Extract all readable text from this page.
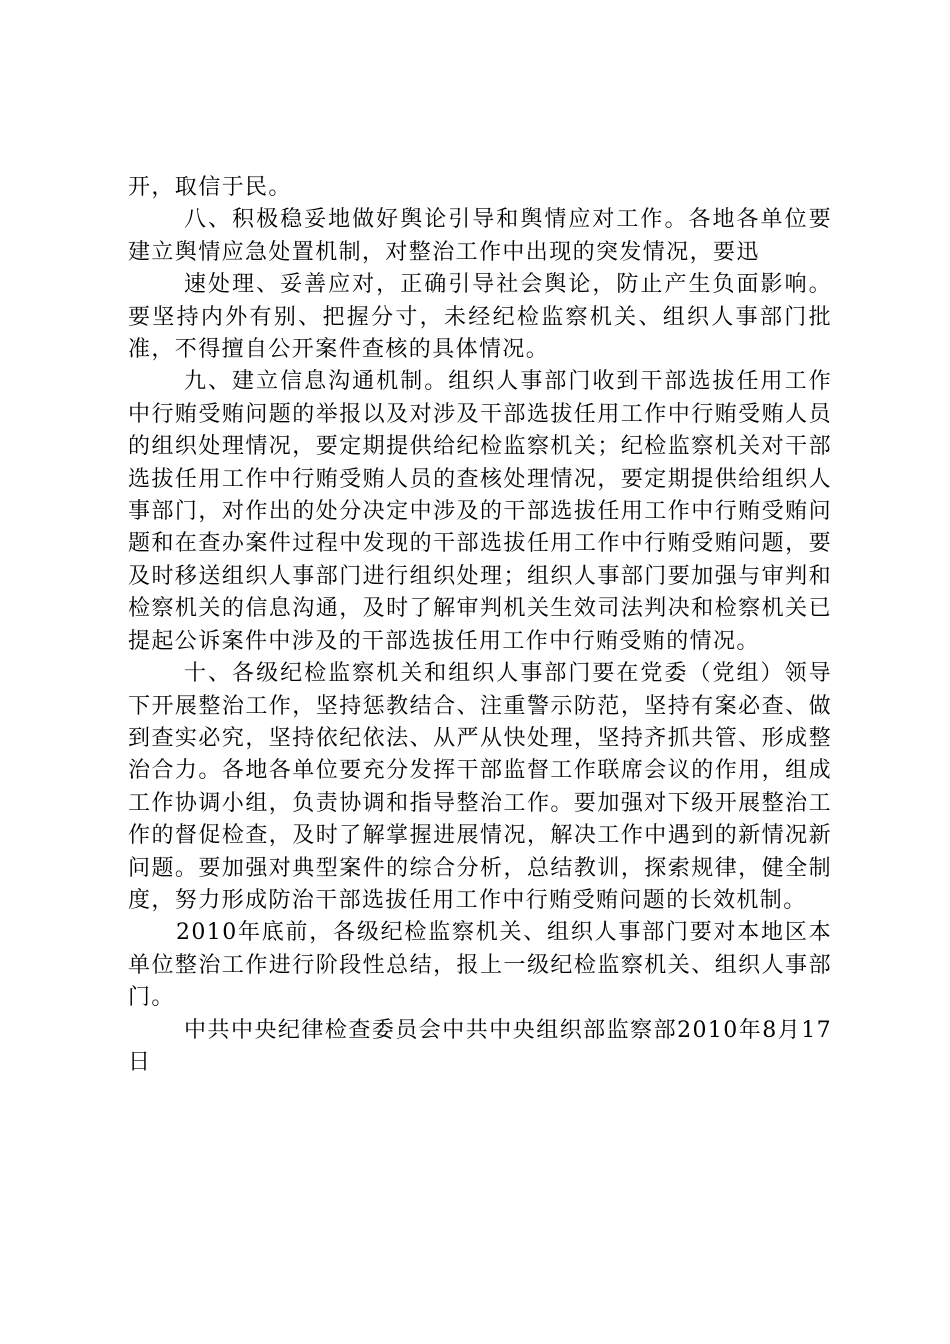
开，取信于民。

八、积极稳妥地做好舆论引导和舆情应对工作。各地各单位要建立舆情应急处置机制，对整治工作中出现的突发情况，要迅

速处理、妥善应对，正确引导社会舆论，防止产生负面影响。要坚持内外有别、把握分寸，未经纪检监察机关、组织人事部门批准，不得擅自公开案件查核的具体情况。

九、建立信息沟通机制。组织人事部门收到干部选拔任用工作中行贿受贿问题的举报以及对涉及干部选拔任用工作中行贿受贿人员的组织处理情况，要定期提供给纪检监察机关；纪检监察机关对干部选拔任用工作中行贿受贿人员的查核处理情况，要定期提供给组织人事部门，对作出的处分决定中涉及的干部选拔任用工作中行贿受贿问题和在查办案件过程中发现的干部选拔任用工作中行贿受贿问题，要及时移送组织人事部门进行组织处理；组织人事部门要加强与审判和检察机关的信息沟通，及时了解审判机关生效司法判决和检察机关已提起公诉案件中涉及的干部选拔任用工作中行贿受贿的情况。

十、各级纪检监察机关和组织人事部门要在党委（党组）领导下开展整治工作，坚持惩教结合、注重警示防范，坚持有案必查、做到查实必究，坚持依纪依法、从严从快处理，坚持齐抓共管、形成整治合力。各地各单位要充分发挥干部监督工作联席会议的作用，组成工作协调小组，负责协调和指导整治工作。要加强对下级开展整治工作的督促检查，及时了解掌握进展情况，解决工作中遇到的新情况新问题。要加强对典型案件的综合分析，总结教训，探索规律，健全制度，努力形成防治干部选拔任用工作中行贿受贿问题的长效机制。

2010年底前，各级纪检监察机关、组织人事部门要对本地区本单位整治工作进行阶段性总结，报上一级纪检监察机关、组织人事部门。

中共中央纪律检查委员会中共中央组织部监察部2010年8月17日
